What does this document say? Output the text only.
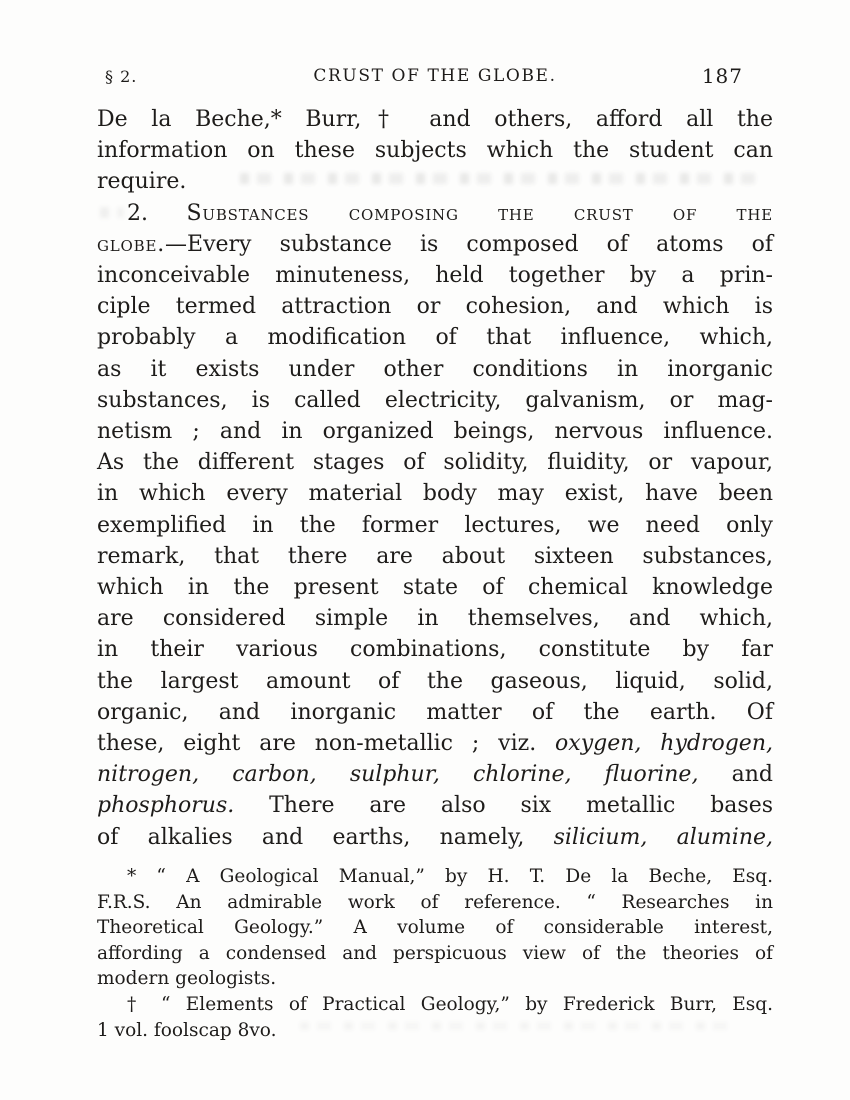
§ 2.	CRUST OF THE GLOBE.	187
De la Beche,* Burr,† and others, afford all the
information on these subjects which the student can
require.
2. Substances composing the crust of the
globe.—Every substance is composed of atoms of
inconceivable minuteness, held together by a prin-
ciple termed attraction or cohesion, and which is
probably a modification of that influence, which,
as it exists under other conditions in inorganic
substances, is called electricity, galvanism, or mag-
netism ; and in organized beings, nervous influence.
As the different stages of solidity, fluidity, or vapour,
in which every material body may exist, have been
exemplified in the former lectures, we need only
remark, that there are about sixteen substances,
which in the present state of chemical knowledge
are considered simple in themselves, and which,
in their various combinations, constitute by far
the largest amount of the gaseous, liquid, solid,
organic, and inorganic matter of the earth. Of
these, eight are non-metallic ; viz. oxygen, hydrogen,
nitrogen, carbon, sulphur, chlorine, fluorine, and
phosphorus. There are also six metallic bases
of alkalies and earths, namely, silicium, alumine,
* “ A Geological Manual,” by H. T. De la Beche, Esq.
F.R.S. An admirable work of reference. “ Researches in
Theoretical Geology.” A volume of considerable interest,
affording a condensed and perspicuous view of the theories of
modern geologists.
† “ Elements of Practical Geology,” by Frederick Burr, Esq.
1 vol. foolscap 8vo.
